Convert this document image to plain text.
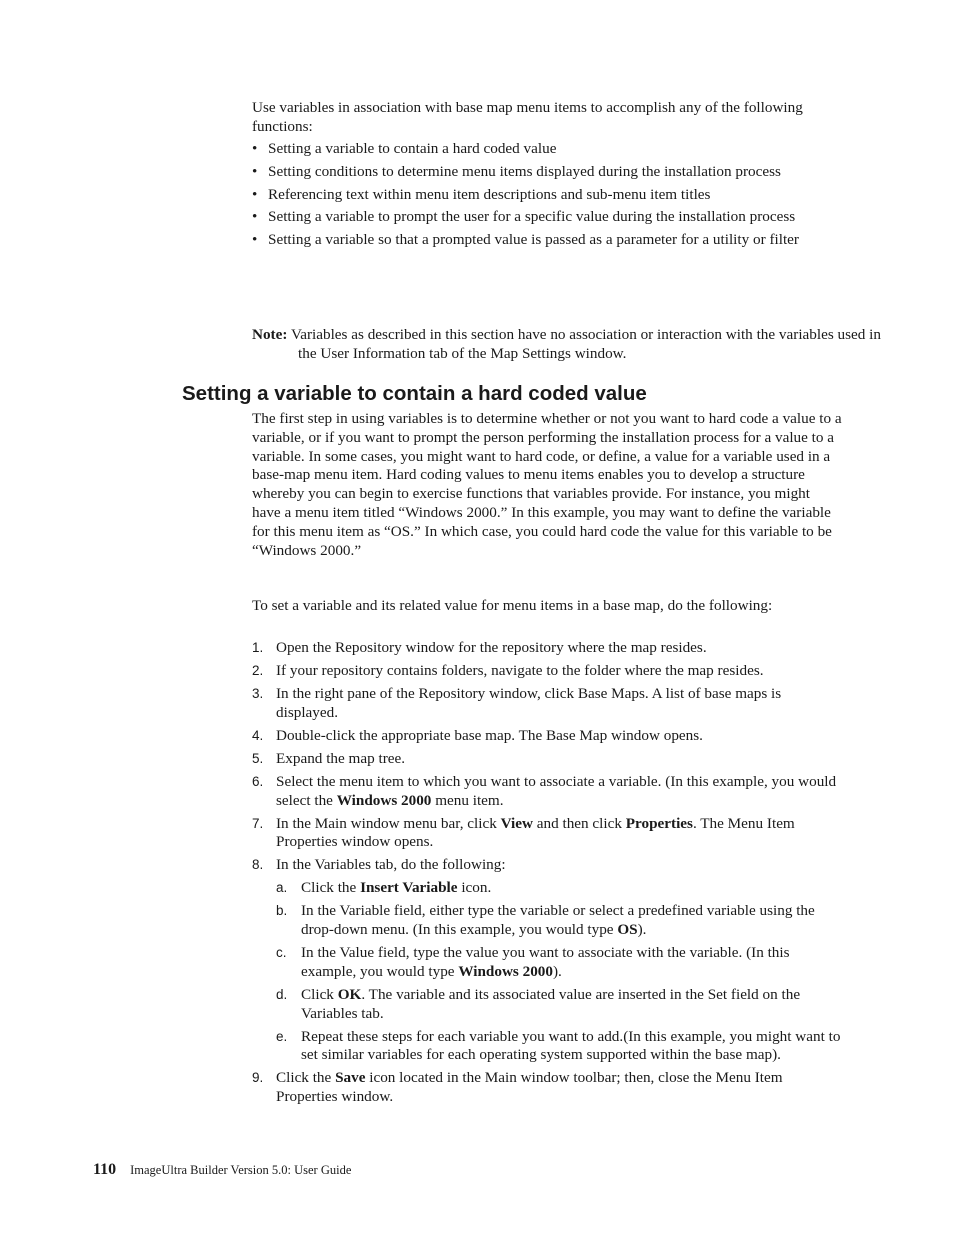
Use variables in association with base map menu items to accomplish any of the following functions:

• Setting a variable to contain a hard coded value
• Setting conditions to determine menu items displayed during the installation process
• Referencing text within menu item descriptions and sub-menu item titles
• Setting a variable to prompt the user for a specific value during the installation process
• Setting a variable so that a prompted value is passed as a parameter for a utility or filter

Note: Variables as described in this section have no association or interaction with the variables used in the User Information tab of the Map Settings window.

Setting a variable to contain a hard coded value

The first step in using variables is to determine whether or not you want to hard code a value to a variable, or if you want to prompt the person performing the installation process for a value to a variable. In some cases, you might want to hard code, or define, a value for a variable used in a base-map menu item. Hard coding values to menu items enables you to develop a structure whereby you can begin to exercise functions that variables provide. For instance, you might have a menu item titled “Windows 2000.” In this example, you may want to define the variable for this menu item as “OS.” In which case, you could hard code the value for this variable to be “Windows 2000.”

To set a variable and its related value for menu items in a base map, do the following:

1. Open the Repository window for the repository where the map resides.
2. If your repository contains folders, navigate to the folder where the map resides.
3. In the right pane of the Repository window, click Base Maps. A list of base maps is displayed.
4. Double-click the appropriate base map. The Base Map window opens.
5. Expand the map tree.
6. Select the menu item to which you want to associate a variable. (In this example, you would select the Windows 2000 menu item.
7. In the Main window menu bar, click View and then click Properties. The Menu Item Properties window opens.
8. In the Variables tab, do the following:
a. Click the Insert Variable icon.
b. In the Variable field, either type the variable or select a predefined variable using the drop-down menu. (In this example, you would type OS).
c. In the Value field, type the value you want to associate with the variable. (In this example, you would type Windows 2000).
d. Click OK. The variable and its associated value are inserted in the Set field on the Variables tab.
e. Repeat these steps for each variable you want to add.(In this example, you might want to set similar variables for each operating system supported within the base map).
9. Click the Save icon located in the Main window toolbar; then, close the Menu Item Properties window.
110 ImageUltra Builder Version 5.0: User Guide
